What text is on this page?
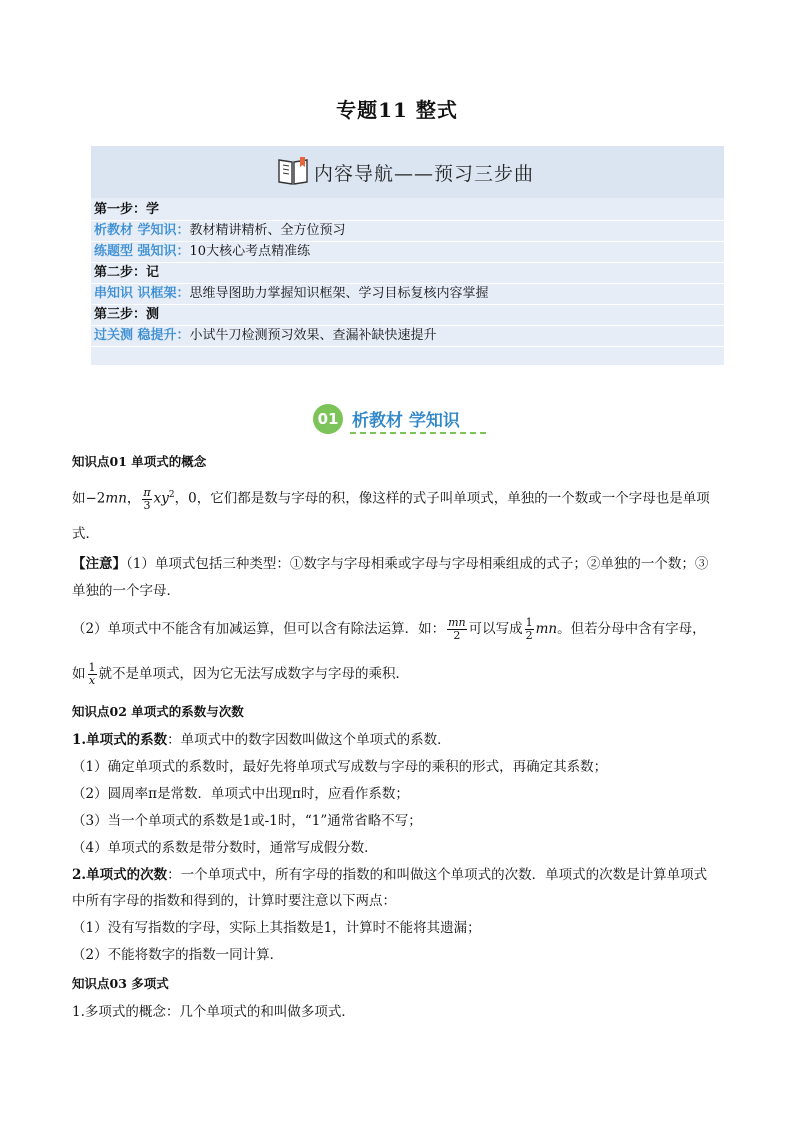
专题11 整式
内容导航——预习三步曲
第一步：学
析教材 学知识：教材精讲精析、全方位预习
练题型 强知识：10大核心考点精准练
第二步：记
串知识 识框架：思维导图助力掌握知识框架、学习目标复核内容掌握
第三步：测
过关测 稳提升：小试牛刀检测预习效果、查漏补缺快速提升
01 析教材 学知识
知识点01 单项式的概念
如−2mn， $\frac{\pi}{3} xy^2$，0，它们都是数与字母的积，像这样的式子叫单项式，单独的一个数或一个字母也是单项
式．
【注意】（1）单项式包括三种类型：①数字与字母相乘或字母与字母相乘组成的式子；②单独的一个数；③
单独的一个字母．
（2）单项式中不能含有加减运算，但可以含有除法运算．如： $\frac{mn}{2}$ 可以写成 $\frac{1}{2}$ mn。但若分母中含有字母，
如 $\frac{1}{x}$ 就不是单项式，因为它无法写成数字与字母的乘积．
知识点02 单项式的系数与次数
1.单项式的系数：单项式中的数字因数叫做这个单项式的系数．
（1）确定单项式的系数时，最好先将单项式写成数与字母的乘积的形式，再确定其系数；
（2）圆周率π是常数．单项式中出现π时，应看作系数；
（3）当一个单项式的系数是1或-1时，“1”通常省略不写；
（4）单项式的系数是带分数时，通常写成假分数．
2.单项式的次数：一个单项式中，所有字母的指数的和叫做这个单项式的次数．单项式的次数是计算单项式
中所有字母的指数和得到的，计算时要注意以下两点：
（1）没有写指数的字母，实际上其指数是1，计算时不能将其遗漏；
（2）不能将数字的指数一同计算．
知识点03 多项式
1.多项式的概念：几个单项式的和叫做多项式．
